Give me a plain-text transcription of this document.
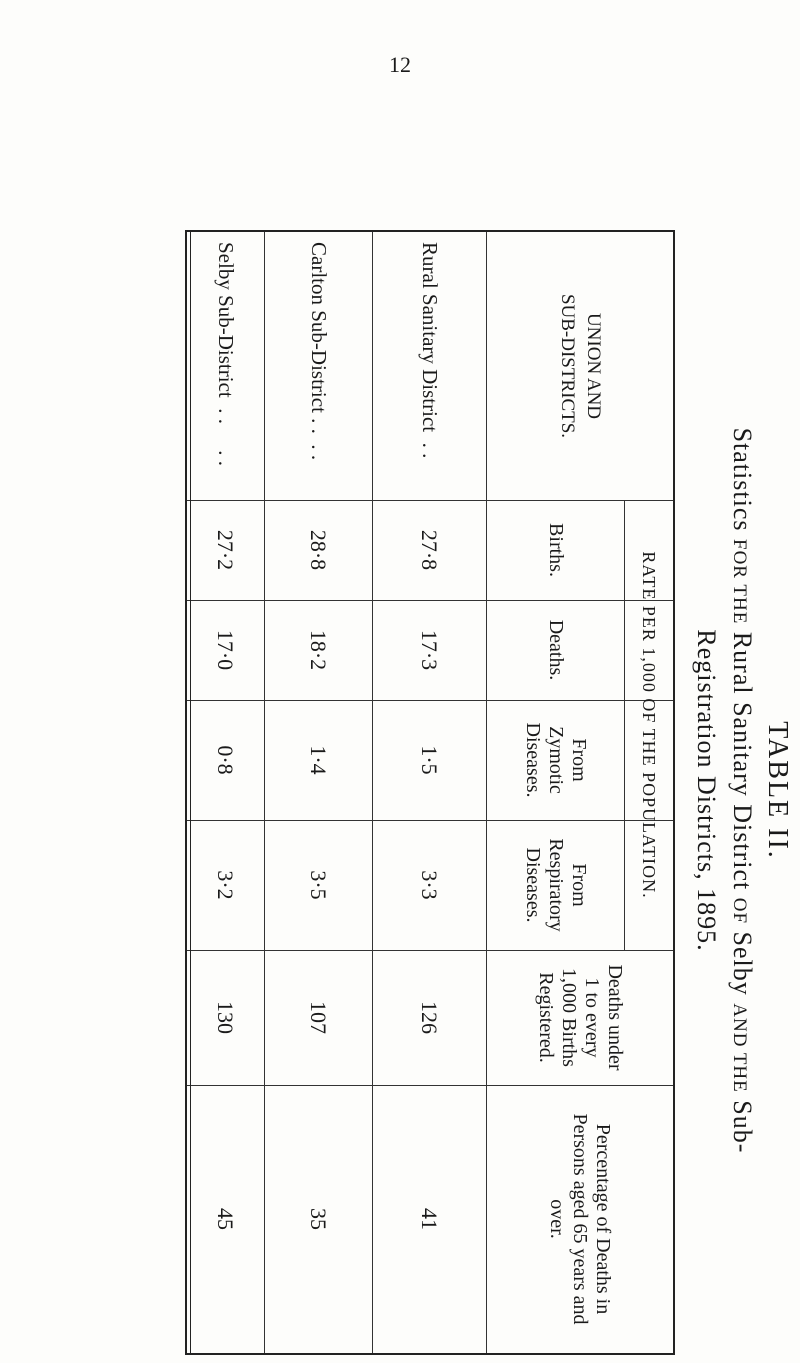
12
TABLE II.
Statistics FOR THE Rural Sanitary District OF Selby AND THE Sub-
Registration Districts, 1895.
UNION AND
SUB-DISTRICTS.
RATE PER 1,000 OF THE POPULATION.
Births.
Deaths.
From Zymotic Diseases.
From Respiratory Diseases.
Deaths under 1 to every 1,000 Births Registered.
Percentage of Deaths in Persons aged 65 years and over.
Rural Sanitary District

. .
27·8
17·3
1·5
3·3
126
41
Carlton Sub-District . .

. .
28·8
18·2
1·4
3·5
107
35
Selby Sub-District

. .     . .
27·2
17·0
0·8
3·2
130
45
